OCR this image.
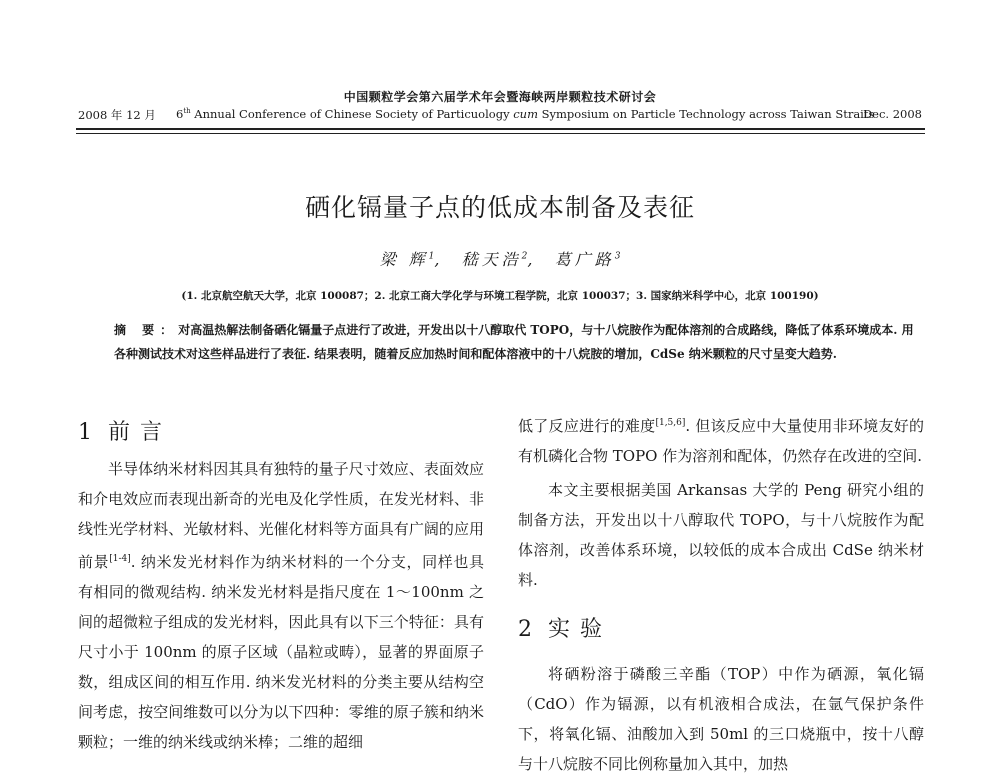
中国颗粒学会第六届学术年会暨海峡两岸颗粒技术研讨会
2008 年 12 月 6th Annual Conference of Chinese Society of Particuology cum Symposium on Particle Technology across Taiwan Straits
Dec. 2008
硒化镉量子点的低成本制备及表征
梁 辉$^1$,  嵇天浩$^2$,  葛广路$^3$
(1. 北京航空航天大学，北京 100087；2. 北京工商大学化学与环境工程学院，北京 100037；3. 国家纳米科学中心，北京 100190)
摘 要：对高温热解法制备硒化镉量子点进行了改进，开发出以十八醇取代 TOPO，与十八烷胺作为配体溶剂的合成路线，降低了体系环境成本. 用各种测试技术对这些样品进行了表征. 结果表明，随着反应加热时间和配体溶液中的十八烷胺的增加，CdSe 纳米颗粒的尺寸呈变大趋势.
1 前言

半导体纳米材料因其具有独特的量子尺寸效应、表面效应和介电效应而表现出新奇的光电及化学性质，在发光材料、非线性光学材料、光敏材料、光催化材料等方面具有广阔的应用前景[1-4]. 纳米发光材料作为纳米材料的一个分支，同样也具有相同的微观结构. 纳米发光材料是指尺度在 1～100nm 之间的超微粒子组成的发光材料，因此具有以下三个特征：具有尺寸小于 100nm 的原子区域（晶粒或畴），显著的界面原子数，组成区间的相互作用. 纳米发光材料的分类主要从结构空间考虑，按空间维数可以分为以下四种：零维的原子簇和纳米颗粒；一维的纳米线或纳米棒；二维的超细

低了反应进行的难度[1,5,6]. 但该反应中大量使用非环境友好的有机磷化合物 TOPO 作为溶剂和配体，仍然存在改进的空间.

本文主要根据美国 Arkansas 大学的 Peng 研究小组的制备方法，开发出以十八醇取代 TOPO，与十八烷胺作为配体溶剂，改善体系环境，以较低的成本合成出 CdSe 纳米材料.

2 实验

将硒粉溶于磷酸三辛酯（TOP）中作为硒源，氧化镉（CdO）作为镉源，以有机液相合成法，在氩气保护条件下，将氧化镉、油酸加入到 50ml 的三口烧瓶中，按十八醇与十八烷胺不同比例称量加入其中，加热
